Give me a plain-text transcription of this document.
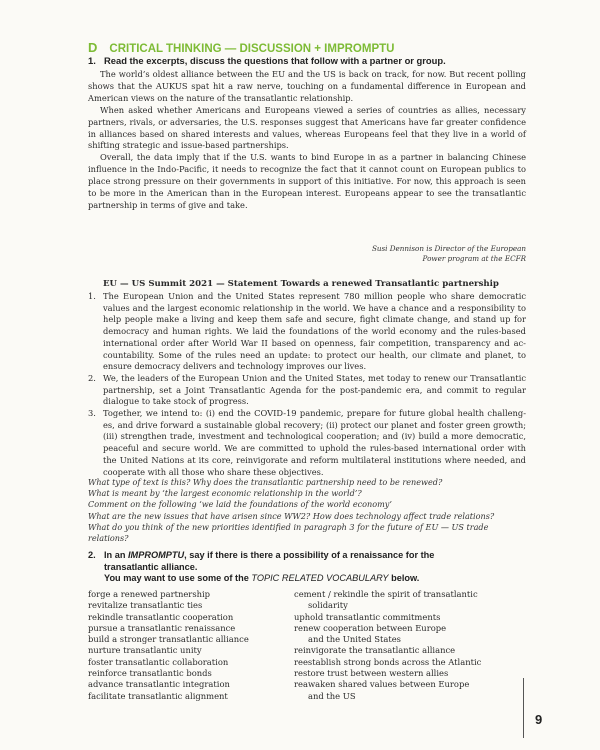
D CRITICAL THINKING — DISCUSSION + IMPROMPTU
1. Read the excerpts, discuss the questions that follow with a partner or group.

The world’s oldest alliance between the EU and the US is back on track, for now. But recent polling shows that the AUKUS spat hit a raw nerve, touching on a fundamental difference in European and American views on the nature of the transatlantic relationship.

When asked whether Americans and Europeans viewed a series of countries as allies, necessary partners, rivals, or adversaries, the U.S. responses suggest that Americans have far greater confidence in alliances based on shared interests and values, whereas Europeans feel that they live in a world of shifting strategic and issue-based partnerships.

Overall, the data imply that if the U.S. wants to bind Europe in as a partner in balancing Chinese influence in the Indo-Pacific, it needs to recognize the fact that it cannot count on European publics to place strong pressure on their governments in support of this initiative. For now, this approach is seen to be more in the American than in the European interest. Europeans appear to see the transatlantic partnership in terms of give and take.

Susi Dennison is Director of the European
Power program at the ECFR
EU — US Summit 2021 — Statement Towards a renewed Transatlantic partnership
1. The European Union and the United States represent 780 million people who share democratic values and the largest economic relationship in the world. We have a chance and a responsibility to help people make a living and keep them safe and secure, fight climate change, and stand up for democracy and human rights. We laid the foundations of the world economy and the rules-based international order after World War II based on openness, fair competition, transparency and ac-countability. Some of the rules need an update: to protect our health, our climate and planet, to ensure democracy delivers and technology improves our lives.
2. We, the leaders of the European Union and the United States, met today to renew our Transatlantic partnership, set a Joint Transatlantic Agenda for the post-pandemic era, and commit to regular dialogue to take stock of progress.
3. Together, we intend to: (i) end the COVID-19 pandemic, prepare for future global health challeng-es, and drive forward a sustainable global recovery; (ii) protect our planet and foster green growth; (iii) strengthen trade, investment and technological cooperation; and (iv) build a more democratic, peaceful and secure world. We are committed to uphold the rules-based international order with the United Nations at its core, reinvigorate and reform multilateral institutions where needed, and cooperate with all those who share these objectives.
What type of text is this? Why does the transatlantic partnership need to be renewed?
What is meant by ‘the largest economic relationship in the world’?
Comment on the following ‘we laid the foundations of the world economy’
What are the new issues that have arisen since WW2? How does technology affect trade relations?
What do you think of the new priorities identified in paragraph 3 for the future of EU — US trade relations?
2. In an IMPROMPTU, say if there is there a possibility of a renaissance for the
transatlantic alliance.
You may want to use some of the TOPIC RELATED VOCABULARY below.
forge a renewed partnership
revitalize transatlantic ties
rekindle transatlantic cooperation
pursue a transatlantic renaissance
build a stronger transatlantic alliance
nurture transatlantic unity
foster transatlantic collaboration
reinforce transatlantic bonds
advance transatlantic integration
facilitate transatlantic alignment
cement / rekindle the spirit of transatlantic
solidarity
uphold transatlantic commitments
renew cooperation between Europe
and the United States
reinvigorate the transatlantic alliance
reestablish strong bonds across the Atlantic
restore trust between western allies
reawaken shared values between Europe
and the US
9
